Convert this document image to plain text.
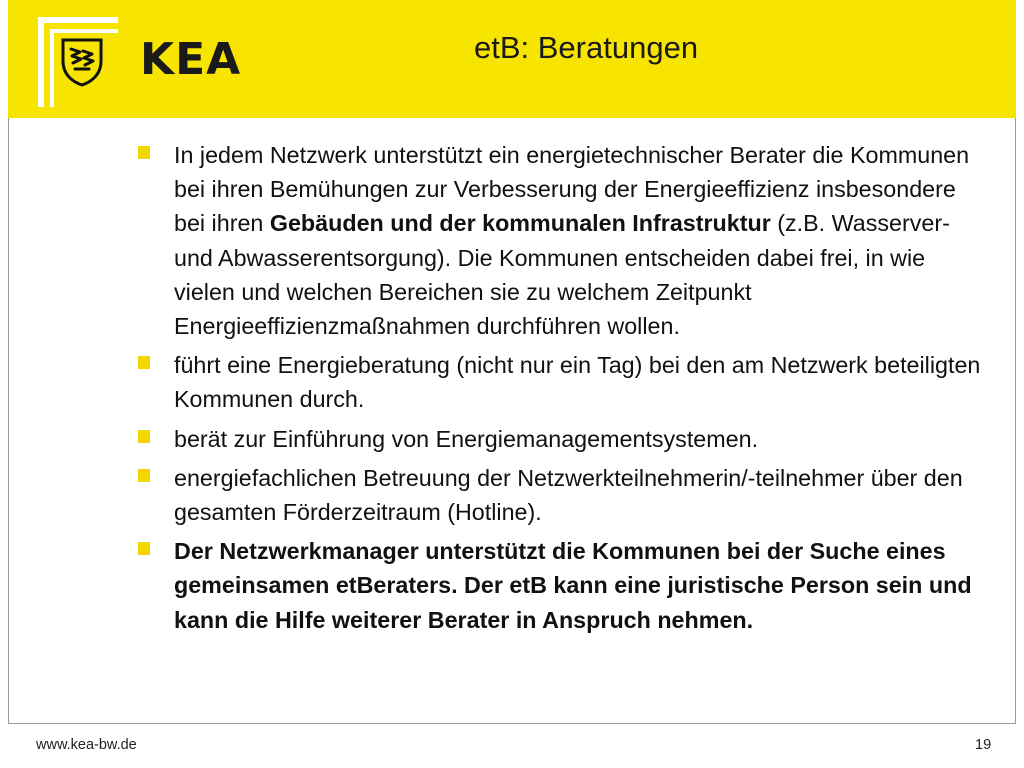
KEA	etB: Beratungen
In jedem Netzwerk unterstützt ein energietechnischer Berater die Kommunen bei ihren Bemühungen zur Verbesserung der Energieeffizienz insbesondere bei ihren Gebäuden und der kommunalen Infrastruktur (z.B. Wasserver- und Abwasserentsorgung). Die Kommunen entscheiden dabei frei, in wie vielen und welchen Bereichen sie zu welchem Zeitpunkt Energieeffizienzmaßnahmen durchführen wollen.
führt eine Energieberatung (nicht nur ein Tag) bei den am Netzwerk beteiligten Kommunen durch.
berät zur Einführung von Energiemanagementsystemen.
energiefachlichen Betreuung der Netzwerkteilnehmerin/-teilnehmer über den gesamten Förderzeitraum (Hotline).
Der Netzwerkmanager unterstützt die Kommunen bei der Suche eines gemeinsamen etBeraters. Der etB kann eine juristische Person sein und kann die Hilfe weiterer Berater in Anspruch nehmen.
www.kea-bw.de	19
